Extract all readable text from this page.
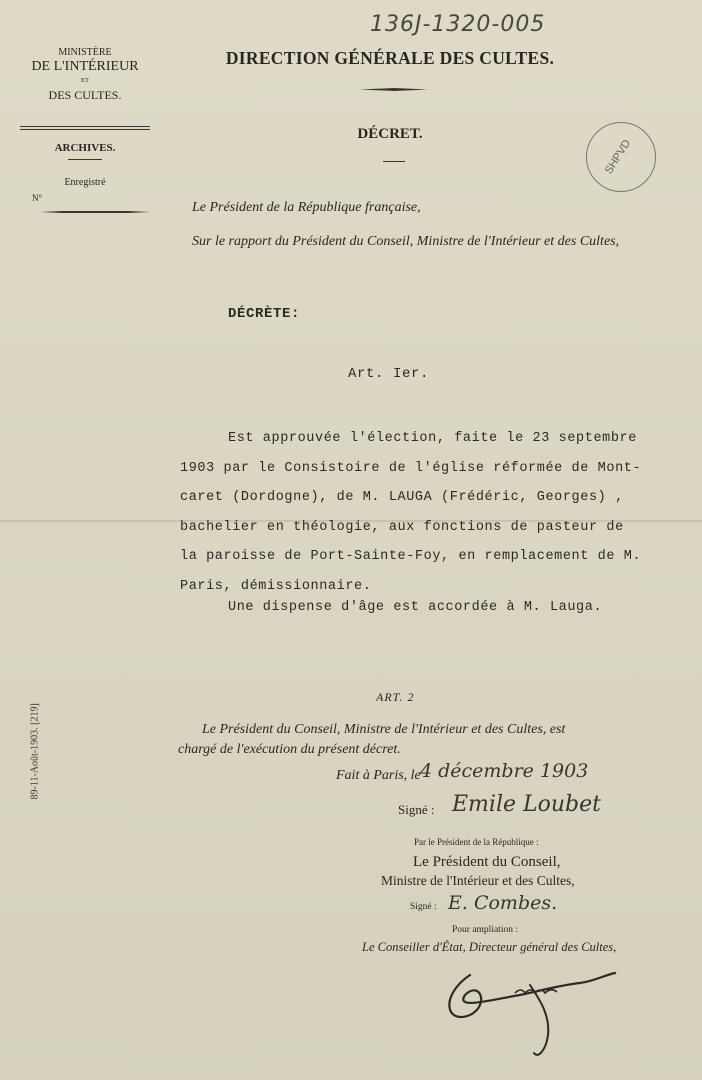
136J-1320-005
SHPVD
MINISTÈRE
DE L'INTÉRIEUR
ET
DES CULTES.
ARCHIVES.
Enregistré
N°
DIRECTION GÉNÉRALE DES CULTES.
DÉCRET.
Le Président de la République française,
Sur le rapport du Président du Conseil, Ministre de l'Intérieur et des Cultes,
DÉCRÈTE:
Art. Ier.
Est approuvée l'élection, faite le 23 septembre
1903 par le Consistoire de l'église réformée de Mont-
caret (Dordogne), de M. LAUGA (Frédéric, Georges) ,
bachelier en théologie, aux fonctions de pasteur de
la paroisse de Port-Sainte-Foy, en remplacement de M.
Paris, démissionnaire.
Une dispense d'âge est accordée à M. Lauga.
ART. 2
Le Président du Conseil, Ministre de l'Intérieur et des Cultes, est
chargé de l'exécution du présent décret.
Fait à Paris, le 4 décembre 1903
Signé : Emile Loubet
Par le Président de la République :
Le Président du Conseil,
Ministre de l'Intérieur et des Cultes,
Signé : E. Combes.
Pour ampliation :
Le Conseiller d'État, Directeur général des Cultes,
89-11-Août-1903. [219]
